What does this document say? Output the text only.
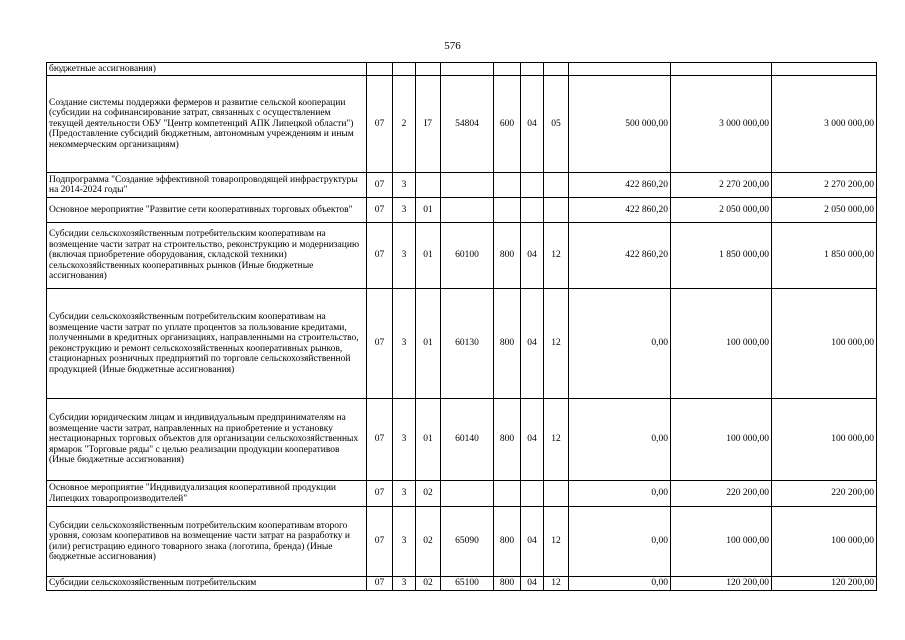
576
бюджетные ассигнования)										
Создание системы поддержки фермеров и развитие сельской кооперации (субсидии на софинансирование затрат, связанных с осуществлением текущей деятельности ОБУ "Центр компетенций АПК Липецкой области") (Предоставление субсидий бюджетным, автономным учреждениям и иным некоммерческим организациям)	07	2	I7	54804	600	04	05	500 000,00	3 000 000,00	3 000 000,00
Подпрограмма "Создание эффективной товаропроводящей инфраструктуры на 2014-2024 годы"	07	3						422 860,20	2 270 200,00	2 270 200,00
Основное мероприятие "Развитие сети кооперативных торговых объектов"	07	3	01					422 860,20	2 050 000,00	2 050 000,00
Субсидии сельскохозяйственным потребительским кооперативам на возмещение части затрат на строительство, реконструкцию и модернизацию (включая приобретение оборудования, складской техники) сельскохозяйственных кооперативных рынков (Иные бюджетные ассигнования)	07	3	01	60100	800	04	12	422 860,20	1 850 000,00	1 850 000,00
Субсидии сельскохозяйственным потребительским кооперативам на возмещение части затрат по уплате процентов за пользование кредитами, полученными в кредитных организациях, направленными на строительство, реконструкцию и ремонт сельскохозяйственных кооперативных рынков, стационарных розничных предприятий по торговле сельскохозяйственной продукцией (Иные бюджетные ассигнования)	07	3	01	60130	800	04	12	0,00	100 000,00	100 000,00
Субсидии юридическим лицам и индивидуальным предпринимателям на возмещение части затрат, направленных на приобретение и установку нестационарных торговых объектов для организации сельскохозяйственных ярмарок "Торговые ряды" с целью реализации продукции кооперативов (Иные бюджетные ассигнования)	07	3	01	60140	800	04	12	0,00	100 000,00	100 000,00
Основное мероприятие "Индивидуализация кооперативной продукции Липецких товаропроизводителей"	07	3	02					0,00	220 200,00	220 200,00
Субсидии сельскохозяйственным потребительским кооперативам второго уровня, союзам кооперативов на возмещение части затрат на разработку и (или) регистрацию единого товарного знака (логотипа, бренда) (Иные бюджетные ассигнования)	07	3	02	65090	800	04	12	0,00	100 000,00	100 000,00
Субсидии сельскохозяйственным потребительским	07	3	02	65100	800	04	12	0,00	120 200,00	120 200,00
